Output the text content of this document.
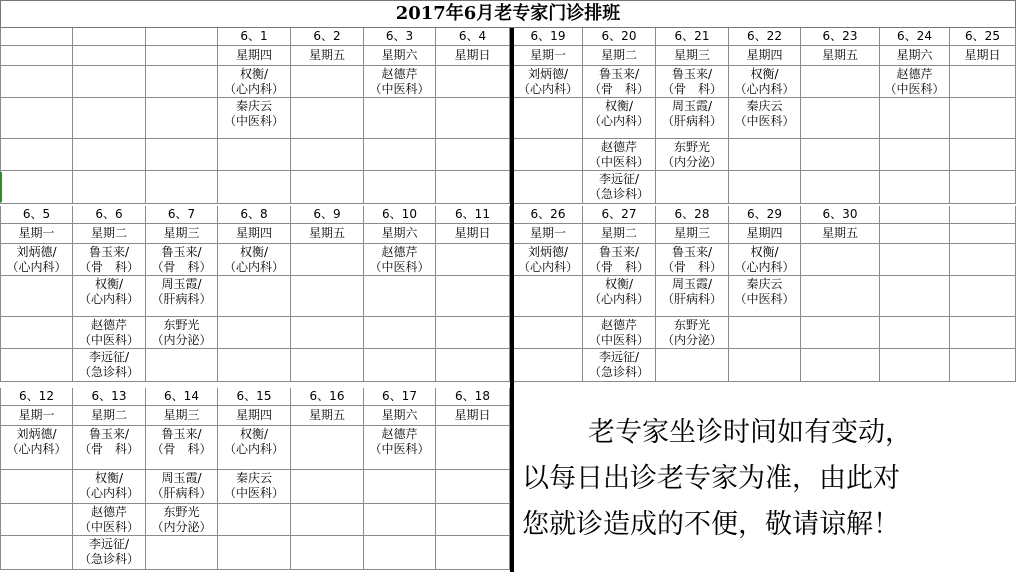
2017年6月老专家门诊排班
6、1
星期四
权衡/
（心内科）
秦庆云
（中医科）
6、2
星期五
6、3
星期六
赵德芹
（中医科）
6、4
星期日
6、19
星期一
刘炳德/
（心内科）
6、20
星期二
鲁玉来/
（骨　科）
权衡/
（心内科）
赵德芹
（中医科）
李远征/
（急诊科）
6、21
星期三
鲁玉来/
（骨　科）
周玉霞/
（肝病科）
东野光
（内分泌）
6、22
星期四
权衡/
（心内科）
秦庆云
（中医科）
6、23
星期五
6、24
星期六
赵德芹
（中医科）
6、25
星期日
6、5
星期一
刘炳德/
（心内科）
6、6
星期二
鲁玉来/
（骨　科）
权衡/
（心内科）
赵德芹
（中医科）
李远征/
（急诊科）
6、7
星期三
鲁玉来/
（骨　科）
周玉霞/
（肝病科）
东野光
（内分泌）
6、8
星期四
权衡/
（心内科）
6、9
星期五
6、10
星期六
赵德芹
（中医科）
6、11
星期日
6、26
星期一
刘炳德/
（心内科）
6、27
星期二
鲁玉来/
（骨　科）
权衡/
（心内科）
赵德芹
（中医科）
李远征/
（急诊科）
6、28
星期三
鲁玉来/
（骨　科）
周玉霞/
（肝病科）
东野光
（内分泌）
6、29
星期四
权衡/
（心内科）
秦庆云
（中医科）
6、30
星期五
6、12
星期一
刘炳德/
（心内科）
6、13
星期二
鲁玉来/
（骨　科）
权衡/
（心内科）
赵德芹
（中医科）
李远征/
（急诊科）
6、14
星期三
鲁玉来/
（骨　科）
周玉霞/
（肝病科）
东野光
（内分泌）
6、15
星期四
权衡/
（心内科）
秦庆云
（中医科）
6、16
星期五
6、17
星期六
赵德芹
（中医科）
6、18
星期日
老专家坐诊时间如有变动，
以每日出诊老专家为准，由此对
您就诊造成的不便，敬请谅解！
